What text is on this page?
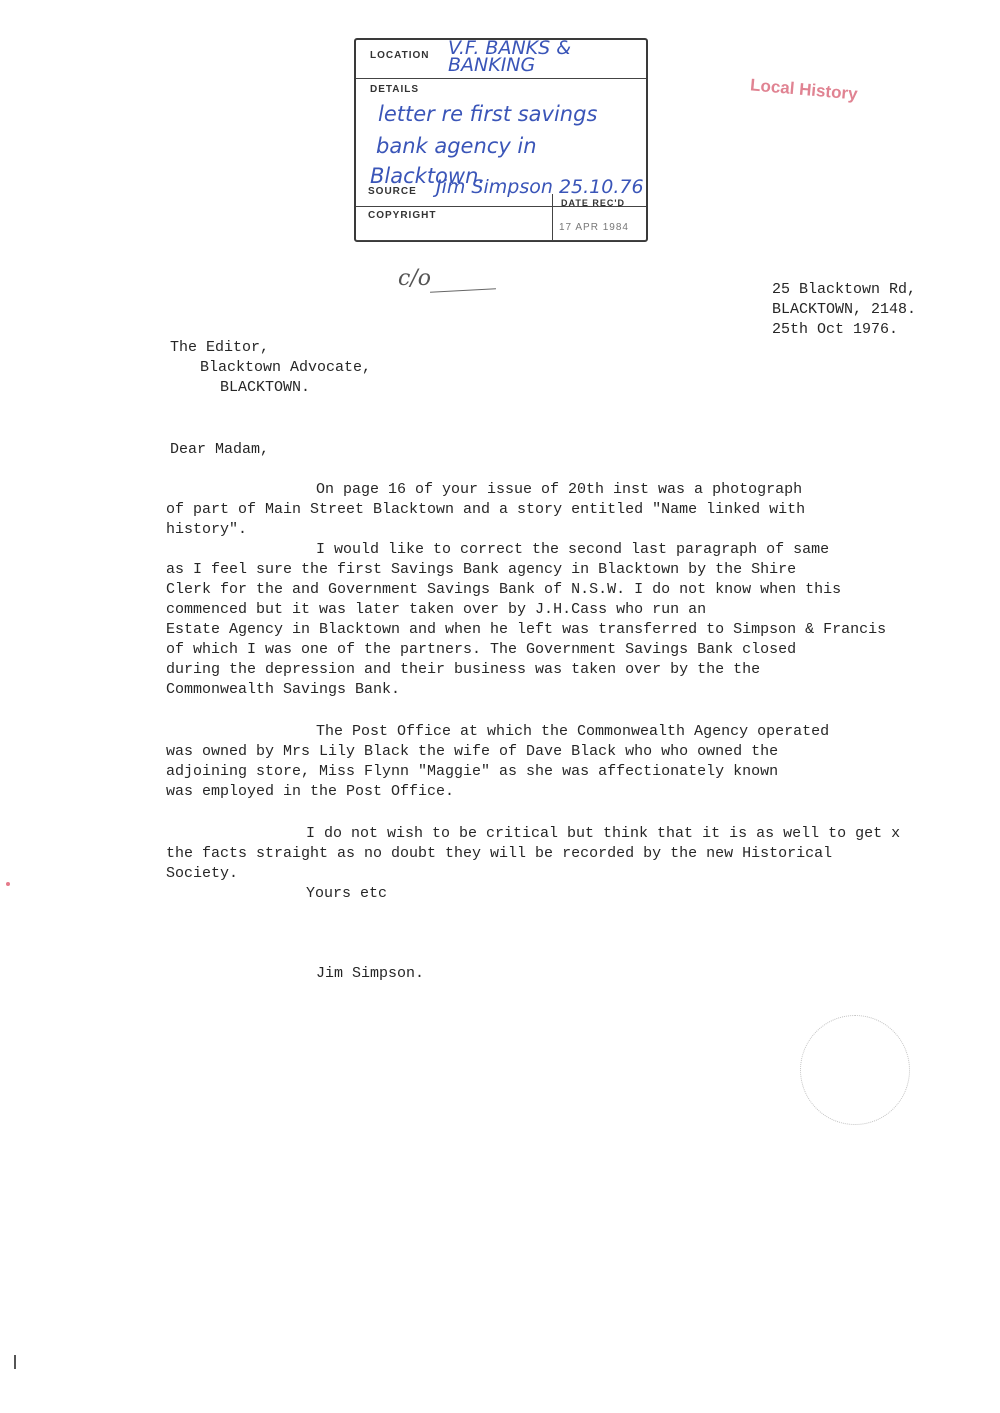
LOCATION V.F. BANKS & BANKING
DETAILS
letter re first savings
bank agency in
Blacktown.
SOURCE Jim Simpson 25.10.76
COPYRIGHT
DATE REC'D
17 APR 1984
Local History
c/o	25 Blacktown Rd,
BLACKTOWN, 2148.
25th Oct 1976.
The Editor,
Blacktown Advocate,
BLACKTOWN.
Dear Madam,
On page 16 of your issue of 20th inst was a photograph
of part of Main Street Blacktown and a story entitled "Name linked with
history".
I would like to correct the second last paragraph of same
as I feel sure the first Savings Bank agency in Blacktown by the Shire
Clerk for the and Government Savings Bank of N.S.W. I do not know when this
commenced but it was later taken over by J.H.Cass who run an
Estate Agency in Blacktown and when he left was transferred to Simpson & Francis
of which I was one of the partners. The Government Savings Bank closed
during the depression and their business was taken over by the the
Commonwealth Savings Bank.
The Post Office at which the Commonwealth Agency operated
was owned by Mrs Lily Black the wife of Dave Black who who owned the
adjoining store, Miss Flynn "Maggie" as she was affectionately known
was employed in the Post Office.
I do not wish to be critical but think that it is as well to get x
the facts straight as no doubt they will be recorded by the new Historical
Society.
Yours etc
Jim Simpson.
